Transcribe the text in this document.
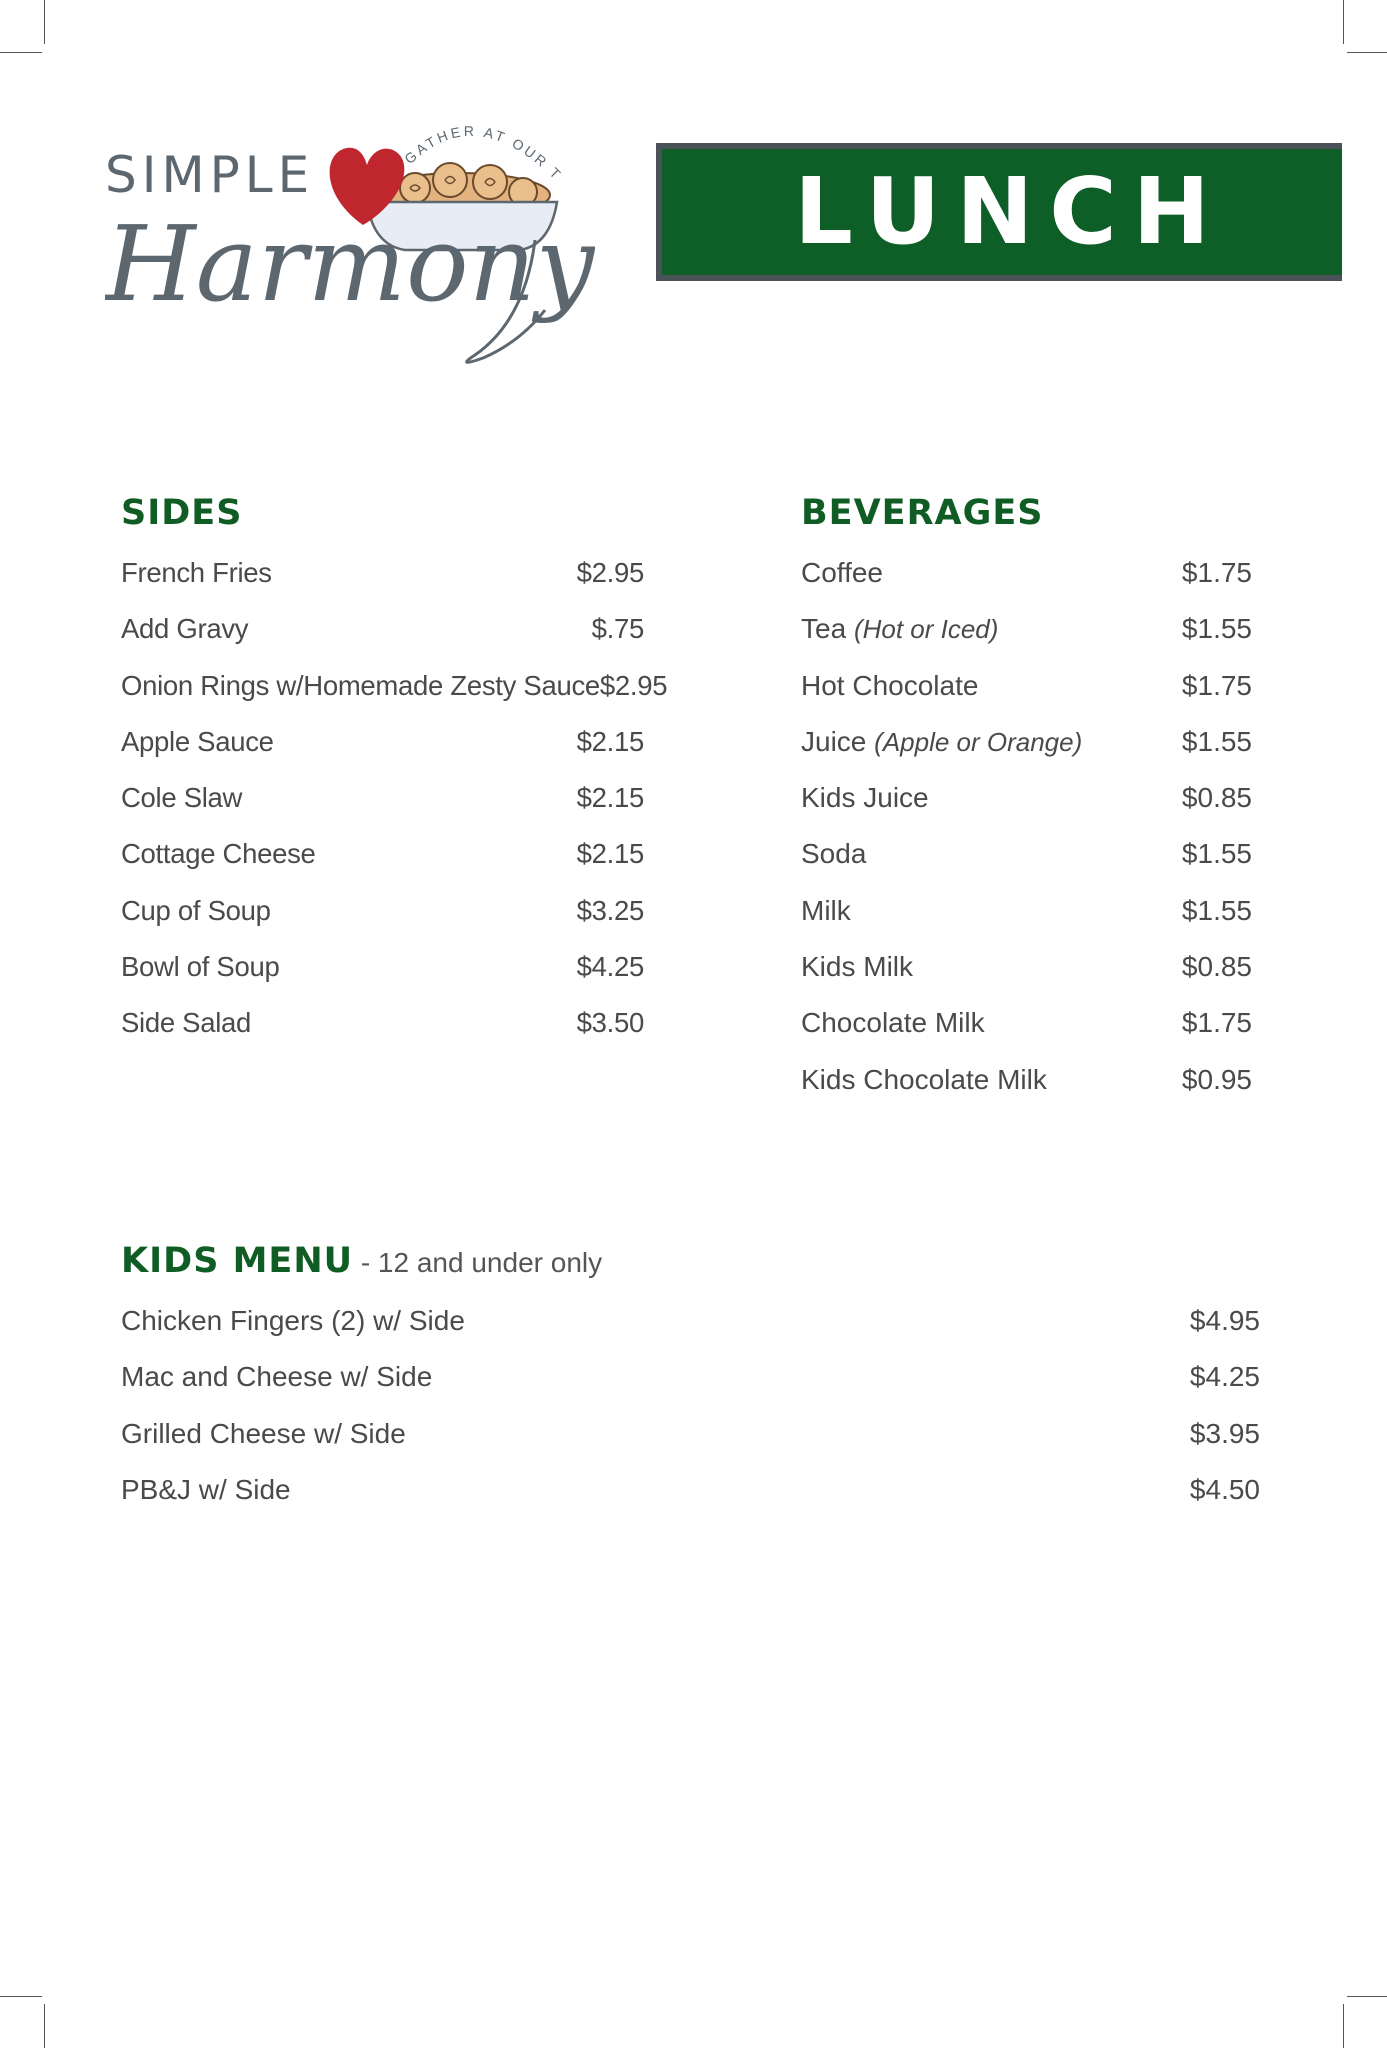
GATHER AT OUR T
SIMPLE
Harmony LUNCH
SIDES
French Fries	$2.95
Add Gravy	$.75
Onion Rings w/Homemade Zesty Sauce $2.95
Apple Sauce	$2.15
Cole Slaw	$2.15
Cottage Cheese	$2.15
Cup of Soup	$3.25
Bowl of Soup	$4.25
Side Salad	$3.50
BEVERAGES
Coffee	$1.75
Tea (Hot or Iced)	$1.55
Hot Chocolate	$1.75
Juice (Apple or Orange)	$1.55
Kids Juice	$0.85
Soda	$1.55
Milk	$1.55
Kids Milk	$0.85
Chocolate Milk	$1.75
Kids Chocolate Milk	$0.95
KIDS MENU - 12 and under only
Chicken Fingers (2) w/ Side	$4.95
Mac and Cheese w/ Side	$4.25
Grilled Cheese w/ Side	$3.95
PB&J w/ Side	$4.50
